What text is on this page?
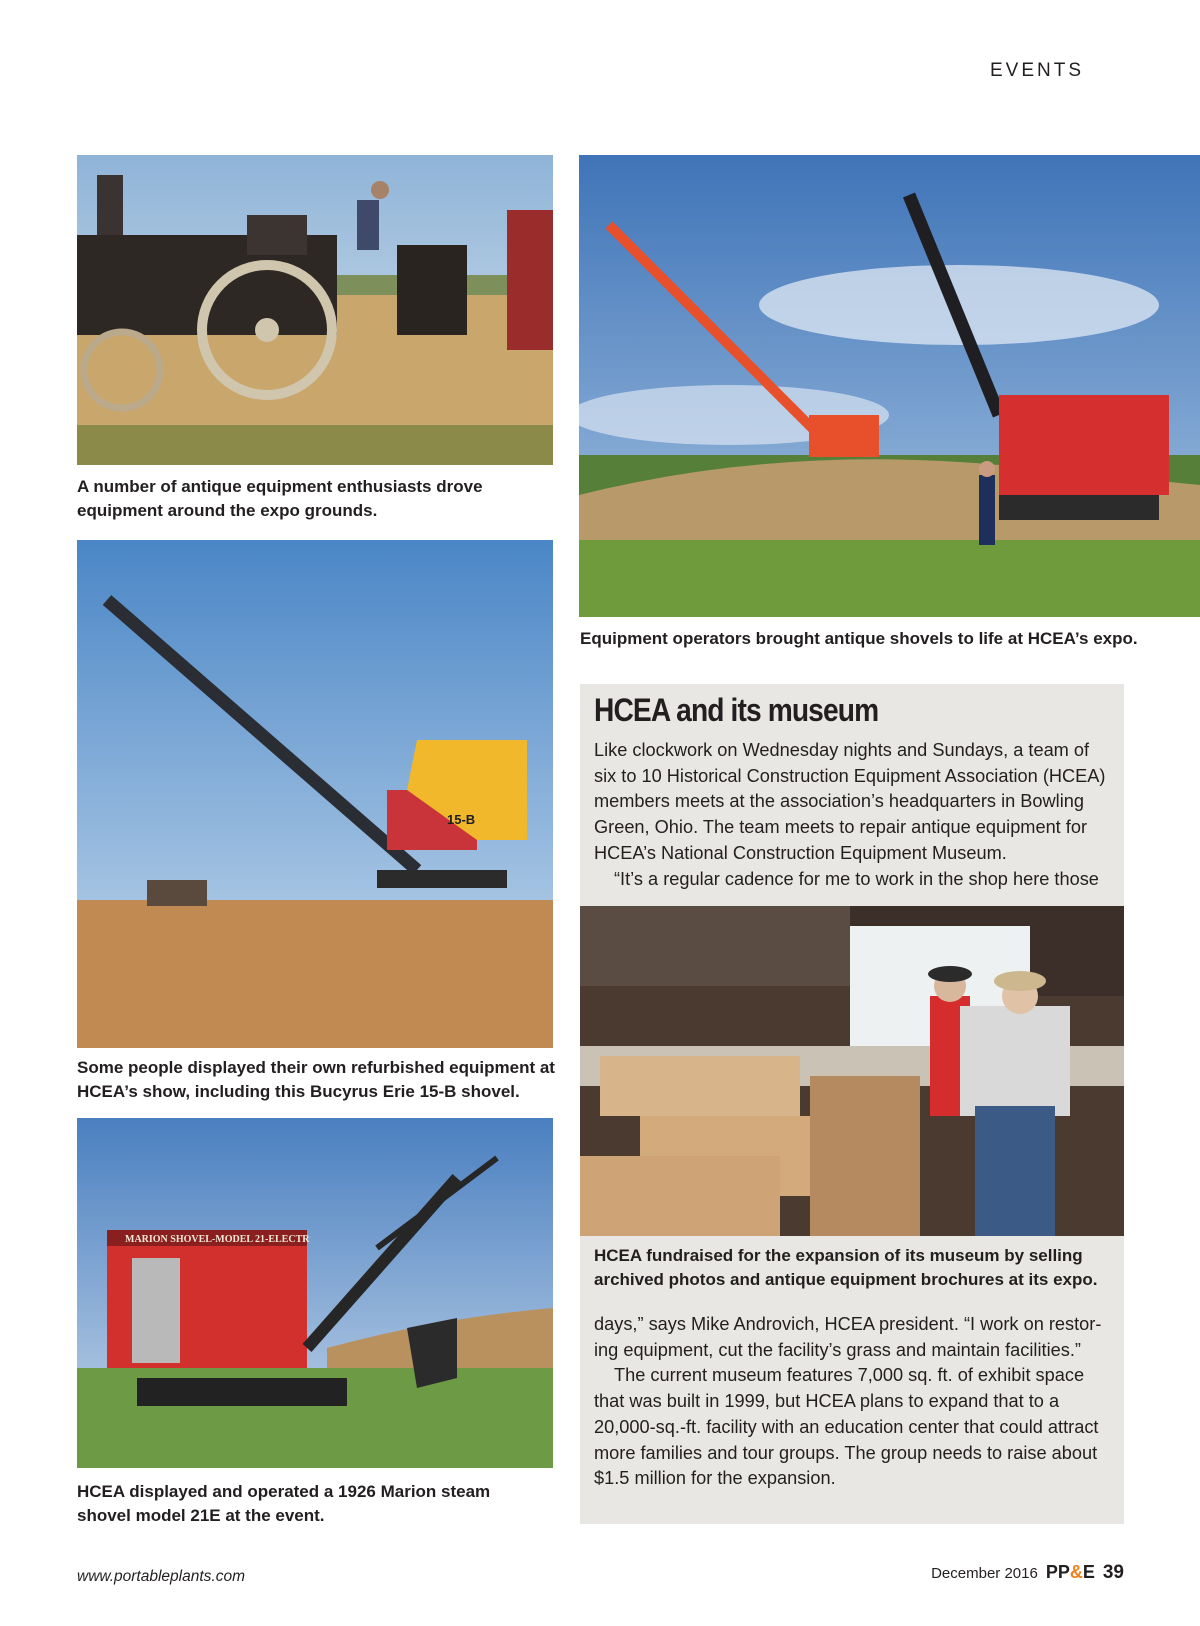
EVENTS
A number of antique equipment enthusiasts drove equipment around the expo grounds.
Equipment operators brought antique shovels to life at HCEA’s expo.
15-B
Some people displayed their own refurbished equipment at HCEA’s show, including this Bucyrus Erie 15-B shovel.
MARION SHOVEL-MODEL 21-ELECTR
HCEA displayed and operated a 1926 Marion steam shovel model 21E at the event.
HCEA and its museum

Like clockwork on Wednesday nights and Sundays, a team of six to 10 Historical Construction Equipment Association (HCEA) members meets at the association’s headquarters in Bowling Green, Ohio. The team meets to repair antique equipment for HCEA’s National Construction Equipment Museum.

“It’s a regular cadence for me to work in the shop here those

HCEA fundraised for the expansion of its museum by selling archived photos and antique equipment brochures at its expo.

days,” says Mike Androvich, HCEA president. “I work on restoring equipment, cut the facility’s grass and maintain facilities.”

The current museum features 7,000 sq. ft. of exhibit space that was built in 1999, but HCEA plans to expand that to a 20,000-sq.-ft. facility with an education center that could attract more families and tour groups. The group needs to raise about $1.5 million for the expansion.

www.portableplants.com	December 2016 PP&E 39
